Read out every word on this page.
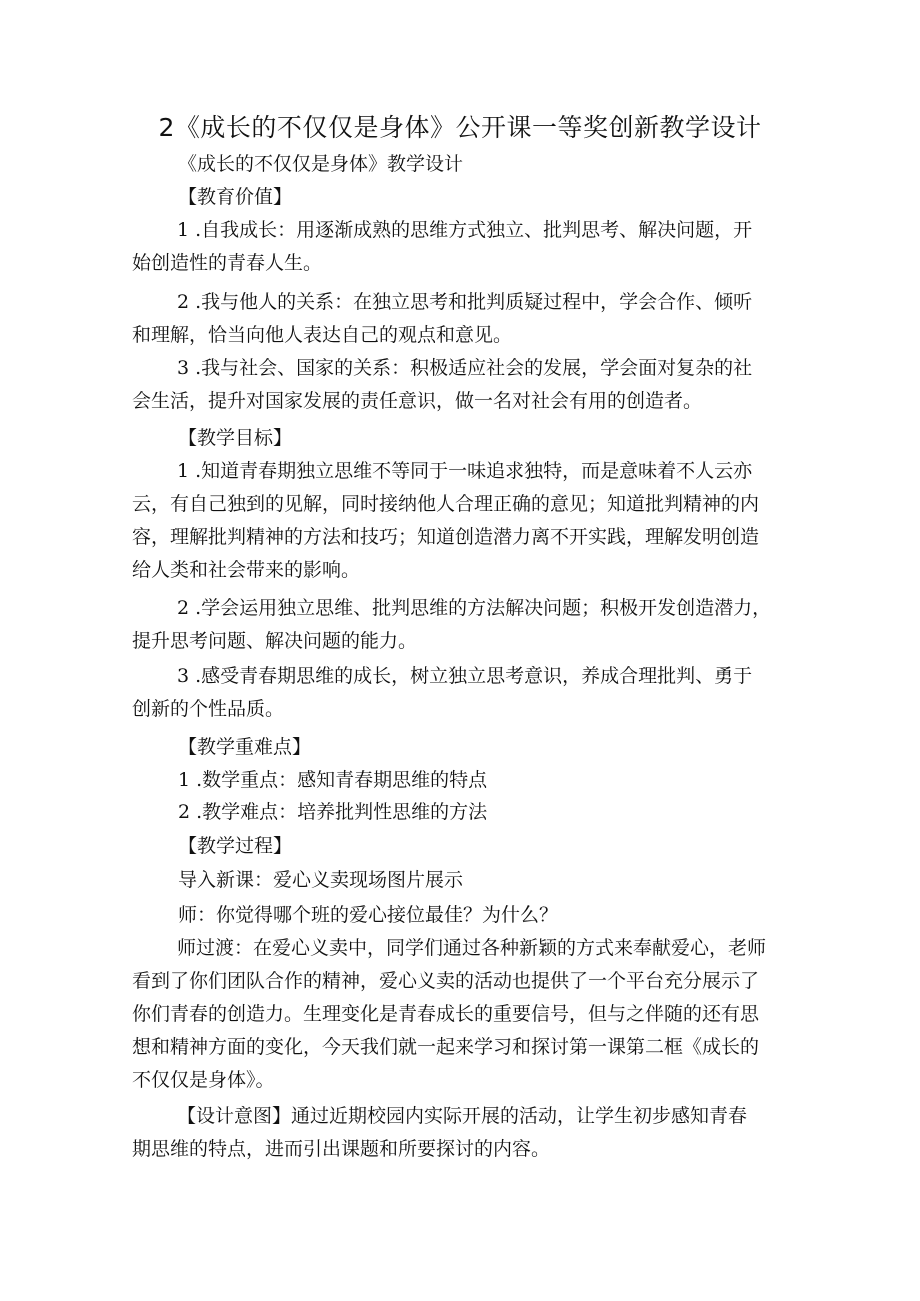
2《成长的不仅仅是身体》公开课一等奖创新教学设计
《成长的不仅仅是身体》教学设计
【教育价值】
1 .自我成长：用逐渐成熟的思维方式独立、批判思考、解决问题，开
始创造性的青春人生。
2 .我与他人的关系：在独立思考和批判质疑过程中，学会合作、倾听
和理解，恰当向他人表达自己的观点和意见。
3 .我与社会、国家的关系：积极适应社会的发展，学会面对复杂的社
会生活，提升对国家发展的责任意识，做一名对社会有用的创造者。
【教学目标】
1 .知道青春期独立思维不等同于一味追求独特，而是意味着不人云亦
云，有自己独到的见解，同时接纳他人合理正确的意见；知道批判精神的内
容，理解批判精神的方法和技巧；知道创造潜力离不开实践，理解发明创造
给人类和社会带来的影响。
2 .学会运用独立思维、批判思维的方法解决问题；积极开发创造潜力，
提升思考问题、解决问题的能力。
3 .感受青春期思维的成长，树立独立思考意识，养成合理批判、勇于
创新的个性品质。
【教学重难点】
1 .数学重点：感知青春期思维的特点
2 .教学难点：培养批判性思维的方法
【教学过程】
导入新课：爱心义卖现场图片展示
师：你觉得哪个班的爱心接位最佳？为什么？
师过渡：在爱心义卖中，同学们通过各种新颖的方式来奉献爱心，老师
看到了你们团队合作的精神，爱心义卖的活动也提供了一个平台充分展示了
你们青春的创造力。生理变化是青春成长的重要信号，但与之伴随的还有思
想和精神方面的变化，今天我们就一起来学习和探讨第一课第二框《成长的
不仅仅是身体》。
【设计意图】通过近期校园内实际开展的活动，让学生初步感知青春
期思维的特点，进而引出课题和所要探讨的内容。
